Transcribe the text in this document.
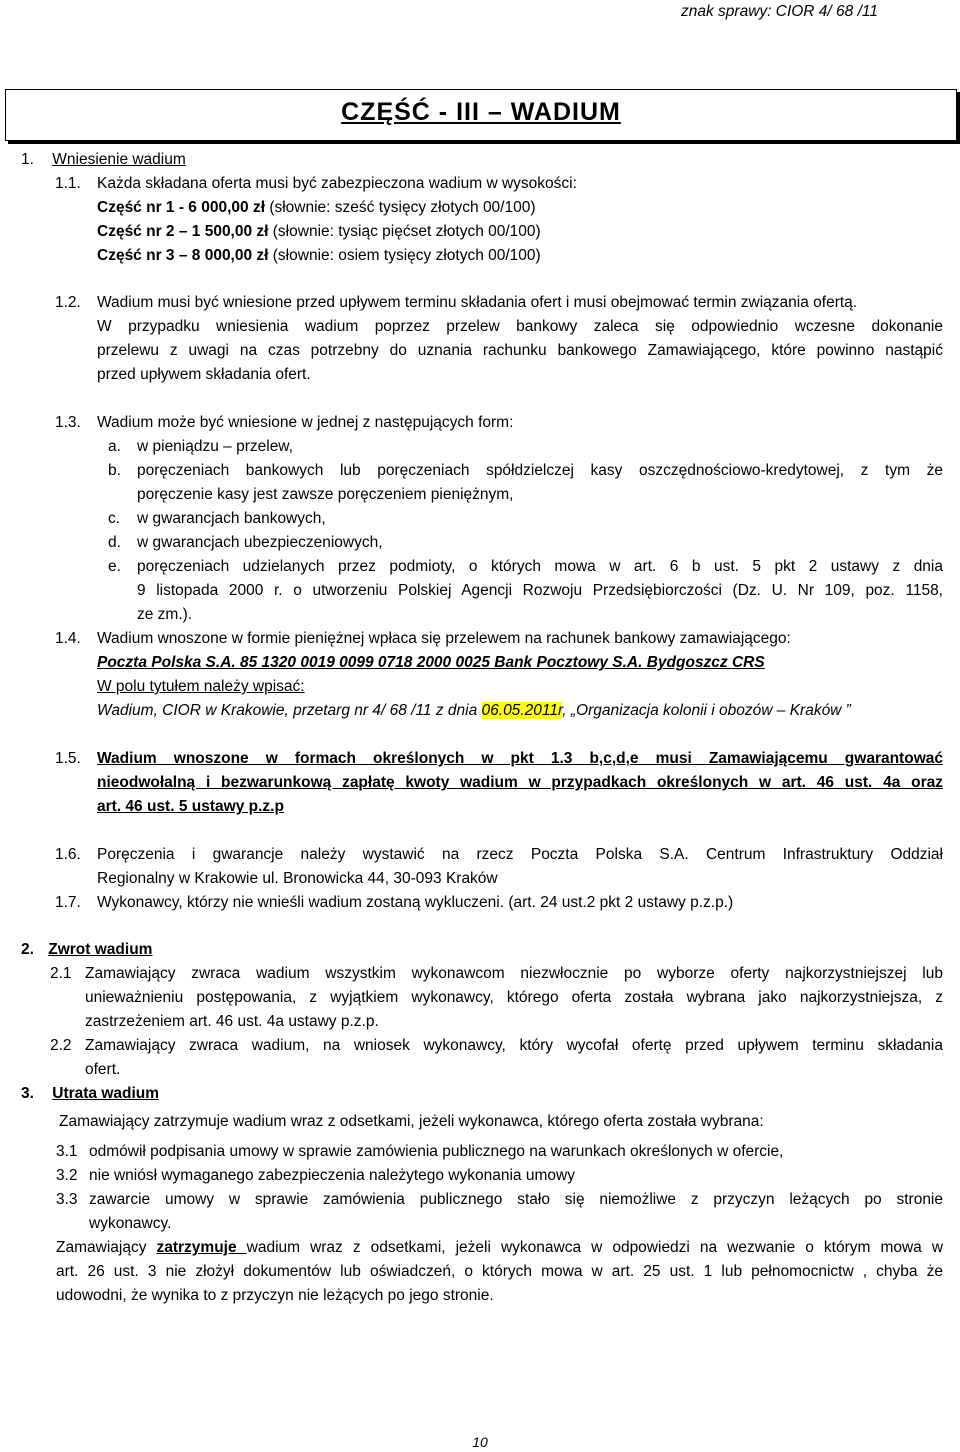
znak sprawy: CIOR 4/ 68 /11
CZĘŚĆ - III – WADIUM
1. Wniesienie wadium
1.1. Każda składana oferta musi być zabezpieczona wadium w wysokości:
Część nr 1 - 6 000,00 zł (słownie: sześć tysięcy złotych 00/100)
Część nr 2 – 1 500,00 zł (słownie: tysiąc pięćset złotych 00/100)
Część nr 3 – 8 000,00 zł (słownie: osiem tysięcy złotych 00/100)
1.2. Wadium musi być wniesione przed upływem terminu składania ofert i musi obejmować termin związania ofertą.
W przypadku wniesienia wadium poprzez przelew bankowy zaleca się odpowiednio wczesne dokonanie
przelewu z uwagi na czas potrzebny do uznania rachunku bankowego Zamawiającego, które powinno nastąpić
przed upływem składania ofert.
1.3. Wadium może być wniesione w jednej z następujących form:
a. w pieniądzu – przelew,
b. poręczeniach bankowych lub poręczeniach spółdzielczej kasy oszczędnościowo-kredytowej, z tym że
poręczenie kasy jest zawsze poręczeniem pieniężnym,
c. w gwarancjach bankowych,
d. w gwarancjach ubezpieczeniowych,
e. poręczeniach udzielanych przez podmioty, o których mowa w art. 6 b ust. 5 pkt 2 ustawy z dnia
9 listopada 2000 r. o utworzeniu Polskiej Agencji Rozwoju Przedsiębiorczości (Dz. U. Nr 109, poz. 1158,
ze zm.).
1.4. Wadium wnoszone w formie pieniężnej wpłaca się przelewem na rachunek bankowy zamawiającego:
Poczta Polska S.A. 85 1320 0019 0099 0718 2000 0025 Bank Pocztowy S.A. Bydgoszcz CRS
W polu tytułem należy wpisać:
Wadium, CIOR w Krakowie, przetarg nr 4/ 68 /11 z dnia 06.05.2011r, „Organizacja kolonii i obozów – Kraków ”
1.5. Wadium wnoszone w formach określonych w pkt 1.3 b,c,d,e musi Zamawiającemu gwarantować
nieodwołalną i bezwarunkową zapłatę kwoty wadium w przypadkach określonych w art. 46 ust. 4a oraz
art. 46 ust. 5 ustawy p.z.p
1.6. Poręczenia i gwarancje należy wystawić na rzecz Poczta Polska S.A. Centrum Infrastruktury Oddział
Regionalny w Krakowie ul. Bronowicka 44, 30-093 Kraków
1.7. Wykonawcy, którzy nie wnieśli wadium zostaną wykluczeni. (art. 24 ust.2 pkt 2 ustawy p.z.p.)
2. Zwrot wadium
2.1 Zamawiający zwraca wadium wszystkim wykonawcom niezwłocznie po wyborze oferty najkorzystniejszej lub
unieważnieniu postępowania, z wyjątkiem wykonawcy, którego oferta została wybrana jako najkorzystniejsza, z
zastrzeżeniem art. 46 ust. 4a ustawy p.z.p.
2.2 Zamawiający zwraca wadium, na wniosek wykonawcy, który wycofał ofertę przed upływem terminu składania
ofert.
3. Utrata wadium
Zamawiający zatrzymuje wadium wraz z odsetkami, jeżeli wykonawca, którego oferta została wybrana:
3.1 odmówił podpisania umowy w sprawie zamówienia publicznego na warunkach określonych w ofercie,
3.2 nie wniósł wymaganego zabezpieczenia należytego wykonania umowy
3.3 zawarcie umowy w sprawie zamówienia publicznego stało się niemożliwe z przyczyn leżących po stronie
wykonawcy.
Zamawiający zatrzymuje wadium wraz z odsetkami, jeżeli wykonawca w odpowiedzi na wezwanie o którym mowa w
art. 26 ust. 3 nie złożył dokumentów lub oświadczeń, o których mowa w art. 25 ust. 1 lub pełnomocnictw , chyba że
udowodni, że wynika to z przyczyn nie leżących po jego stronie.
10
